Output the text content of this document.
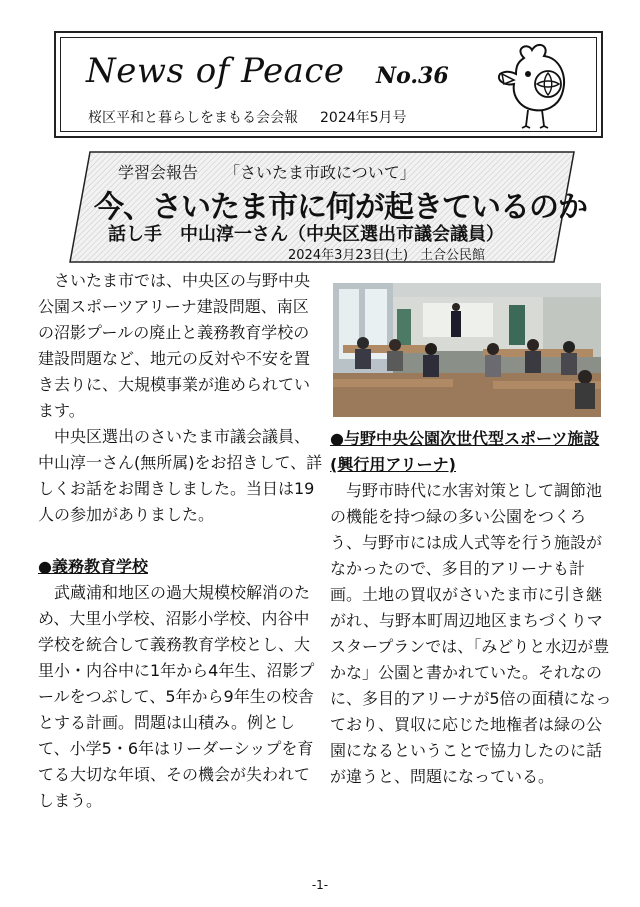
News of Peace No.36
桜区平和と暮らしをまもる会会報 2024年5月号
学習会報告 「さいたま市政について」
今、さいたま市に何が起きているのか
話し手 中山淳一さん（中央区選出市議会議員）
2024年3月23日(土) 土合公民館

さいたま市では、中央区の与野中央公園スポーツアリーナ建設問題、南区の沼影プールの廃止と義務教育学校の建設問題など、地元の反対や不安を置き去りに、大規模事業が進められています。

中央区選出のさいたま市議会議員、中山淳一さん(無所属)をお招きして、詳しくお話をお聞きしました。当日は19人の参加がありました。

●義務教育学校

武蔵浦和地区の過大規模校解消のため、大里小学校、沼影小学校、内谷中学校を統合して義務教育学校とし、大里小・内谷中に1年から4年生、沼影プールをつぶして、5年から9年生の校舎とする計画。問題は山積み。例として、小学5・6年はリーダーシップを育てる大切な年頃、その機会が失われてしまう。

●与野中央公園次世代型スポーツ施設(興行用アリーナ)

与野市時代に水害対策として調節池の機能を持つ緑の多い公園をつくろう、与野市には成人式等を行う施設がなかったので、多目的アリーナも計画。土地の買収がさいたま市に引き継がれ、与野本町周辺地区まちづくりマスタープランでは、「みどりと水辺が豊かな」公園と書かれていた。それなのに、多目的アリーナが5倍の面積になっており、買収に応じた地権者は緑の公園になるということで協力したのに話が違うと、問題になっている。

-1-
